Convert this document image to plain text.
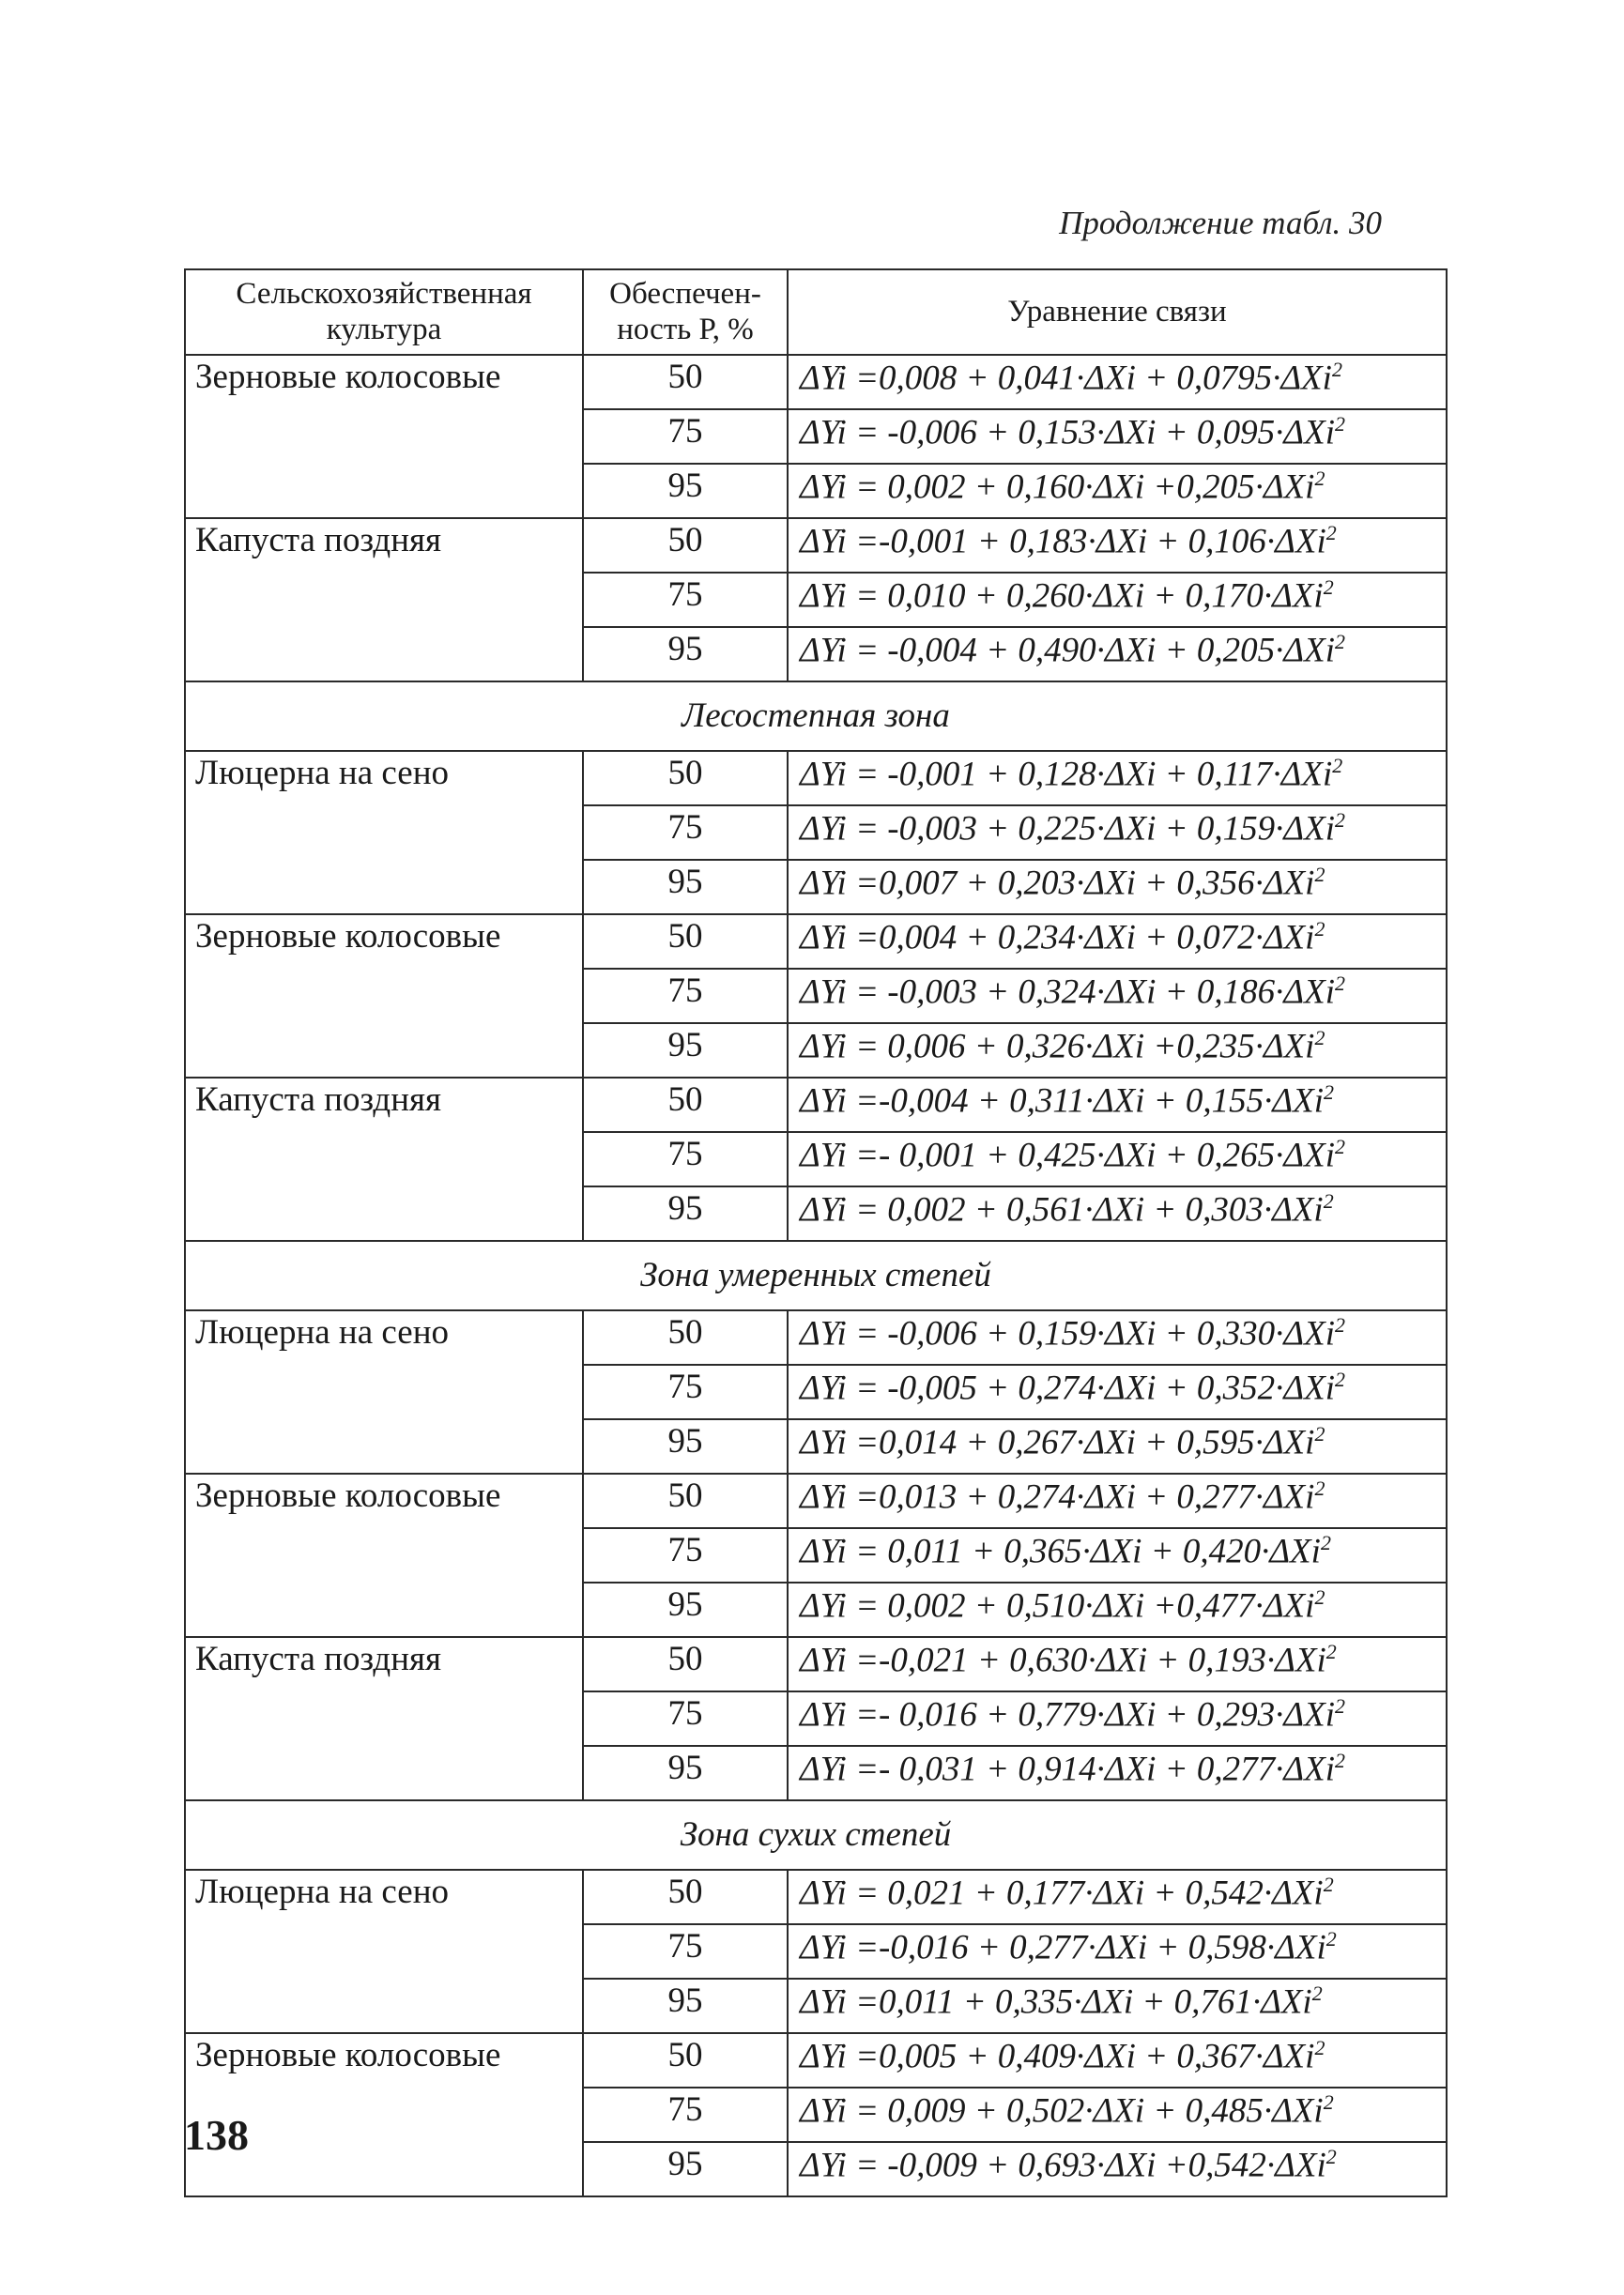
Продолжение табл. 30
Сельскохозяйственная культура	Обеспечен-ность Р, %	Уравнение связи
Зерновые колосовые	50	ΔYi =0,008 + 0,041·ΔXi + 0,0795·ΔXi$^2$
	75	ΔYi = -0,006 + 0,153·ΔXi + 0,095·ΔXi$^2$
	95	ΔYi = 0,002 + 0,160·ΔXi +0,205·ΔXi$^2$
Капуста поздняя	50	ΔYi =-0,001 + 0,183·ΔXi + 0,106·ΔXi$^2$
	75	ΔYi = 0,010 + 0,260·ΔXi + 0,170·ΔXi$^2$
	95	ΔYi = -0,004 + 0,490·ΔXi + 0,205·ΔXi$^2$
Лесостепная зона		
Люцерна на сено	50	ΔYi = -0,001 + 0,128·ΔXi + 0,117·ΔXi$^2$
	75	ΔYi = -0,003 + 0,225·ΔXi + 0,159·ΔXi$^2$
	95	ΔYi =0,007 + 0,203·ΔXi + 0,356·ΔXi$^2$
Зерновые колосовые	50	ΔYi =0,004 + 0,234·ΔXi + 0,072·ΔXi$^2$
	75	ΔYi = -0,003 + 0,324·ΔXi + 0,186·ΔXi$^2$
	95	ΔYi = 0,006 + 0,326·ΔXi +0,235·ΔXi$^2$
Капуста поздняя	50	ΔYi =-0,004 + 0,311·ΔXi + 0,155·ΔXi$^2$
	75	ΔYi =- 0,001 + 0,425·ΔXi + 0,265·ΔXi$^2$
	95	ΔYi = 0,002 + 0,561·ΔXi + 0,303·ΔXi$^2$
Зона умеренных степей		
Люцерна на сено	50	ΔYi = -0,006 + 0,159·ΔXi + 0,330·ΔXi$^2$
	75	ΔYi = -0,005 + 0,274·ΔXi + 0,352·ΔXi$^2$
	95	ΔYi =0,014 + 0,267·ΔXi + 0,595·ΔXi$^2$
Зерновые колосовые	50	ΔYi =0,013 + 0,274·ΔXi + 0,277·ΔXi$^2$
	75	ΔYi = 0,011 + 0,365·ΔXi + 0,420·ΔXi$^2$
	95	ΔYi = 0,002 + 0,510·ΔXi +0,477·ΔXi$^2$
Капуста поздняя	50	ΔYi =-0,021 + 0,630·ΔXi + 0,193·ΔXi$^2$
	75	ΔYi =- 0,016 + 0,779·ΔXi + 0,293·ΔXi$^2$
	95	ΔYi =- 0,031 + 0,914·ΔXi + 0,277·ΔXi$^2$
Зона сухих степей		
Люцерна на сено	50	ΔYi = 0,021 + 0,177·ΔXi + 0,542·ΔXi$^2$
	75	ΔYi =-0,016 + 0,277·ΔXi + 0,598·ΔXi$^2$
	95	ΔYi =0,011 + 0,335·ΔXi + 0,761·ΔXi$^2$
Зерновые колосовые	50	ΔYi =0,005 + 0,409·ΔXi + 0,367·ΔXi$^2$
	75	ΔYi = 0,009 + 0,502·ΔXi + 0,485·ΔXi$^2$
	95	ΔYi = -0,009 + 0,693·ΔXi +0,542·ΔXi$^2$
138
